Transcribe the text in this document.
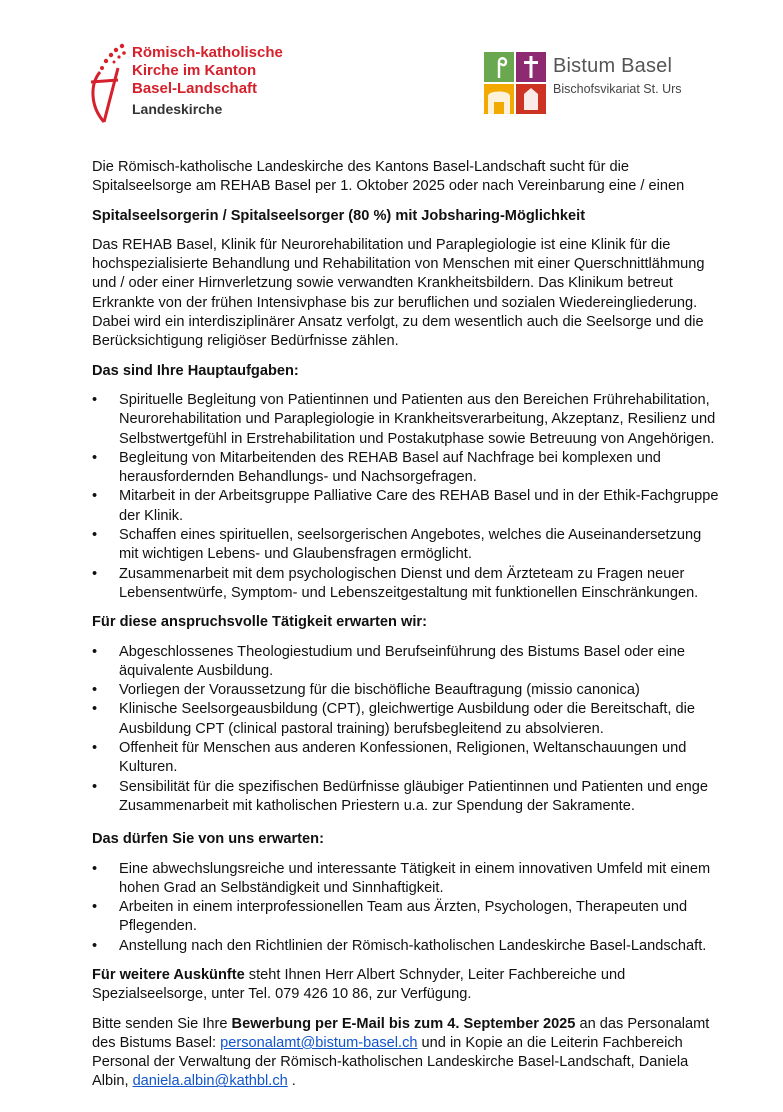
Römisch-katholische
Kirche im Kanton
Basel-Landschaft
Landeskirche
Bistum Basel
Bischofsvikariat St. Urs

Die Römisch-katholische Landeskirche des Kantons Basel-Landschaft sucht für die Spitalseelsorge am REHAB Basel per 1. Oktober 2025 oder nach Vereinbarung eine / einen

Spitalseelsorgerin / Spitalseelsorger (80 %) mit Jobsharing-Möglichkeit

Das REHAB Basel, Klinik für Neurorehabilitation und Paraplegiologie ist eine Klinik für die hochspezialisierte Behandlung und Rehabilitation von Menschen mit einer Querschnittlähmung und / oder einer Hirnverletzung sowie verwandten Krankheitsbildern. Das Klinikum betreut Erkrankte von der frühen Intensivphase bis zur beruflichen und sozialen Wiedereingliederung. Dabei wird ein interdisziplinärer Ansatz verfolgt, zu dem wesentlich auch die Seelsorge und die Berücksichtigung religiöser Bedürfnisse zählen.

Das sind Ihre Hauptaufgaben:
• Spirituelle Begleitung von Patientinnen und Patienten aus den Bereichen Frührehabilitation, Neurorehabilitation und Paraplegiologie in Krankheitsverarbeitung, Akzeptanz, Resilienz und Selbstwertgefühl in Erstrehabilitation und Postakutphase sowie Betreuung von Angehörigen.
• Begleitung von Mitarbeitenden des REHAB Basel auf Nachfrage bei komplexen und herausfordernden Behandlungs- und Nachsorgefragen.
• Mitarbeit in der Arbeitsgruppe Palliative Care des REHAB Basel und in der Ethik-Fachgruppe der Klinik.
• Schaffen eines spirituellen, seelsorgerischen Angebotes, welches die Auseinandersetzung mit wichtigen Lebens- und Glaubensfragen ermöglicht.
• Zusammenarbeit mit dem psychologischen Dienst und dem Ärzteteam zu Fragen neuer Lebensentwürfe, Symptom- und Lebenszeitgestaltung mit funktionellen Einschränkungen.
Für diese anspruchsvolle Tätigkeit erwarten wir:
• Abgeschlossenes Theologiestudium und Berufseinführung des Bistums Basel oder eine äquivalente Ausbildung.
• Vorliegen der Voraussetzung für die bischöfliche Beauftragung (missio canonica)
• Klinische Seelsorgeausbildung (CPT), gleichwertige Ausbildung oder die Bereitschaft, die Ausbildung CPT (clinical pastoral training) berufsbegleitend zu absolvieren.
• Offenheit für Menschen aus anderen Konfessionen, Religionen, Weltanschauungen und Kulturen.
• Sensibilität für die spezifischen Bedürfnisse gläubiger Patientinnen und Patienten und enge Zusammenarbeit mit katholischen Priestern u.a. zur Spendung der Sakramente.
Das dürfen Sie von uns erwarten:
• Eine abwechslungsreiche und interessante Tätigkeit in einem innovativen Umfeld mit einem hohen Grad an Selbständigkeit und Sinnhaftigkeit.
• Arbeiten in einem interprofessionellen Team aus Ärzten, Psychologen, Therapeuten und Pflegenden.
• Anstellung nach den Richtlinien der Römisch-katholischen Landeskirche Basel-Landschaft.

Für weitere Auskünfte steht Ihnen Herr Albert Schnyder, Leiter Fachbereiche und Spezialseelsorge, unter Tel. 079 426 10 86, zur Verfügung.

Bitte senden Sie Ihre Bewerbung per E-Mail bis zum 4. September 2025 an das Personalamt des Bistums Basel: personalamt@bistum-basel.ch und in Kopie an die Leiterin Fachbereich Personal der Verwaltung der Römisch-katholischen Landeskirche Basel-Landschaft, Daniela Albin, daniela.albin@kathbl.ch .
